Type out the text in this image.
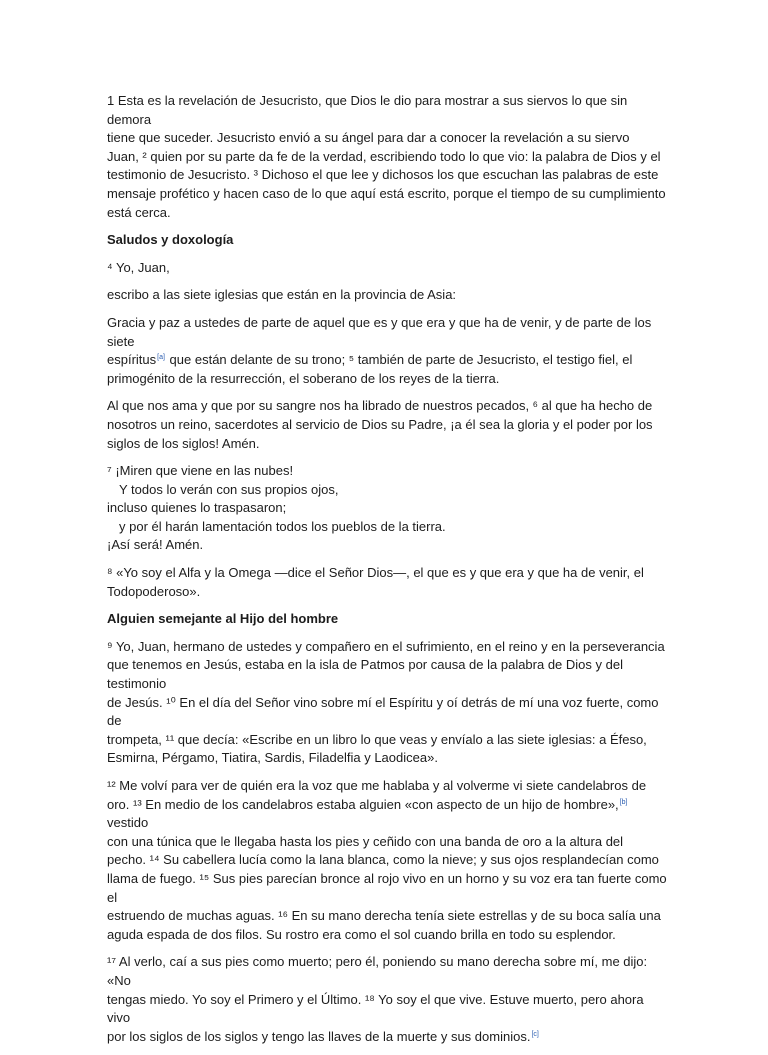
1 Esta es la revelación de Jesucristo, que Dios le dio para mostrar a sus siervos lo que sin demora
tiene que suceder. Jesucristo envió a su ángel para dar a conocer la revelación a su siervo
Juan, ² quien por su parte da fe de la verdad, escribiendo todo lo que vio: la palabra de Dios y el
testimonio de Jesucristo. ³ Dichoso el que lee y dichosos los que escuchan las palabras de este
mensaje profético y hacen caso de lo que aquí está escrito, porque el tiempo de su cumplimiento
está cerca.

Saludos y doxología

⁴ Yo, Juan,

escribo a las siete iglesias que están en la provincia de Asia:

Gracia y paz a ustedes de parte de aquel que es y que era y que ha de venir, y de parte de los siete
espíritus[a] que están delante de su trono; ⁵ también de parte de Jesucristo, el testigo fiel, el
primogénito de la resurrección, el soberano de los reyes de la tierra.

Al que nos ama y que por su sangre nos ha librado de nuestros pecados, ⁶ al que ha hecho de
nosotros un reino, sacerdotes al servicio de Dios su Padre, ¡a él sea la gloria y el poder por los
siglos de los siglos! Amén.

⁷ ¡Miren que viene en las nubes!
Y todos lo verán con sus propios ojos,
incluso quienes lo traspasaron;
y por él harán lamentación todos los pueblos de la tierra.
¡Así será! Amén.

⁸ «Yo soy el Alfa y la Omega —dice el Señor Dios—, el que es y que era y que ha de venir, el
Todopoderoso».

Alguien semejante al Hijo del hombre

⁹ Yo, Juan, hermano de ustedes y compañero en el sufrimiento, en el reino y en la perseverancia
que tenemos en Jesús, estaba en la isla de Patmos por causa de la palabra de Dios y del testimonio
de Jesús. ¹⁰ En el día del Señor vino sobre mí el Espíritu y oí detrás de mí una voz fuerte, como de
trompeta, ¹¹ que decía: «Escribe en un libro lo que veas y envíalo a las siete iglesias: a Éfeso,
Esmirna, Pérgamo, Tiatira, Sardis, Filadelfia y Laodicea».

¹² Me volví para ver de quién era la voz que me hablaba y al volverme vi siete candelabros de
oro. ¹³ En medio de los candelabros estaba alguien «con aspecto de un hijo de hombre»,[b] vestido
con una túnica que le llegaba hasta los pies y ceñido con una banda de oro a la altura del
pecho. ¹⁴ Su cabellera lucía como la lana blanca, como la nieve; y sus ojos resplandecían como
llama de fuego. ¹⁵ Sus pies parecían bronce al rojo vivo en un horno y su voz era tan fuerte como el
estruendo de muchas aguas. ¹⁶ En su mano derecha tenía siete estrellas y de su boca salía una
aguda espada de dos filos. Su rostro era como el sol cuando brilla en todo su esplendor.

¹⁷ Al verlo, caí a sus pies como muerto; pero él, poniendo su mano derecha sobre mí, me dijo: «No
tengas miedo. Yo soy el Primero y el Último. ¹⁸ Yo soy el que vive. Estuve muerto, pero ahora vivo
por los siglos de los siglos y tengo las llaves de la muerte y sus dominios.[c]
